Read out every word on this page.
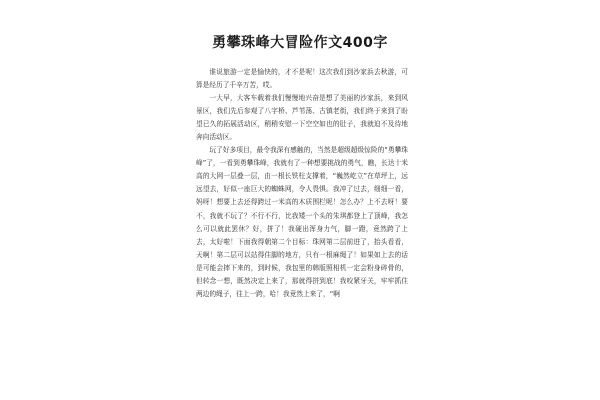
勇攀珠峰大冒险作文400字

谁说旅游一定是愉快的，才不是呢！这次我们到沙家浜去秋游，可算是经历了千辛万苦，哎。

一大早，大客车载着我们慢慢地兴奋是想了美丽的沙家浜，来到风景区，我们先后参观了八字桥、芦苇荡、古镇老街，我们终于来到了盼望已久的拓展活动区，稍稍安慰一下空空如也的肚子，我就迫不及待地奔向活动区。

玩了好多项目，最令我深有感触的，当然是超级超级惊险的“勇攀珠峰”了，一看到勇攀珠峰，我就有了一种想要挑战的勇气，瞧，长达十米高的大网一层叠一层，由一根长铁柱支撑着，“巍然屹立”在草坪上，远远望去，好似一座巨大的蜘蛛网，令人畏惧。我冲了过去，细细一看，妈呀！想要上去还得跨过一米高的木质围栏呢！怎么办？上不去呀！要不，我就不玩了？不行不行，比我矮一个头的朱琪都登上了顶峰，我怎么可以就此罢休？好，拼了！我硬出浑身力气，脚一蹬，竟然跨了上去，太好啦！下面我得朝第二个目标：珠网第二层前进了，抬头看看，天啊！第二层可以站得住脚的地方，只有一根麻绳了！如果如上去的话是可能会摔下来的，到时候，我包里的韩版照相机一定会粉身碎骨的，但转念一想，既然决定上来了，那就得拼到底！我咬紧牙关，牢牢抓住两边的绳子，往上一跨，哈！我竟然上来了，“啊
